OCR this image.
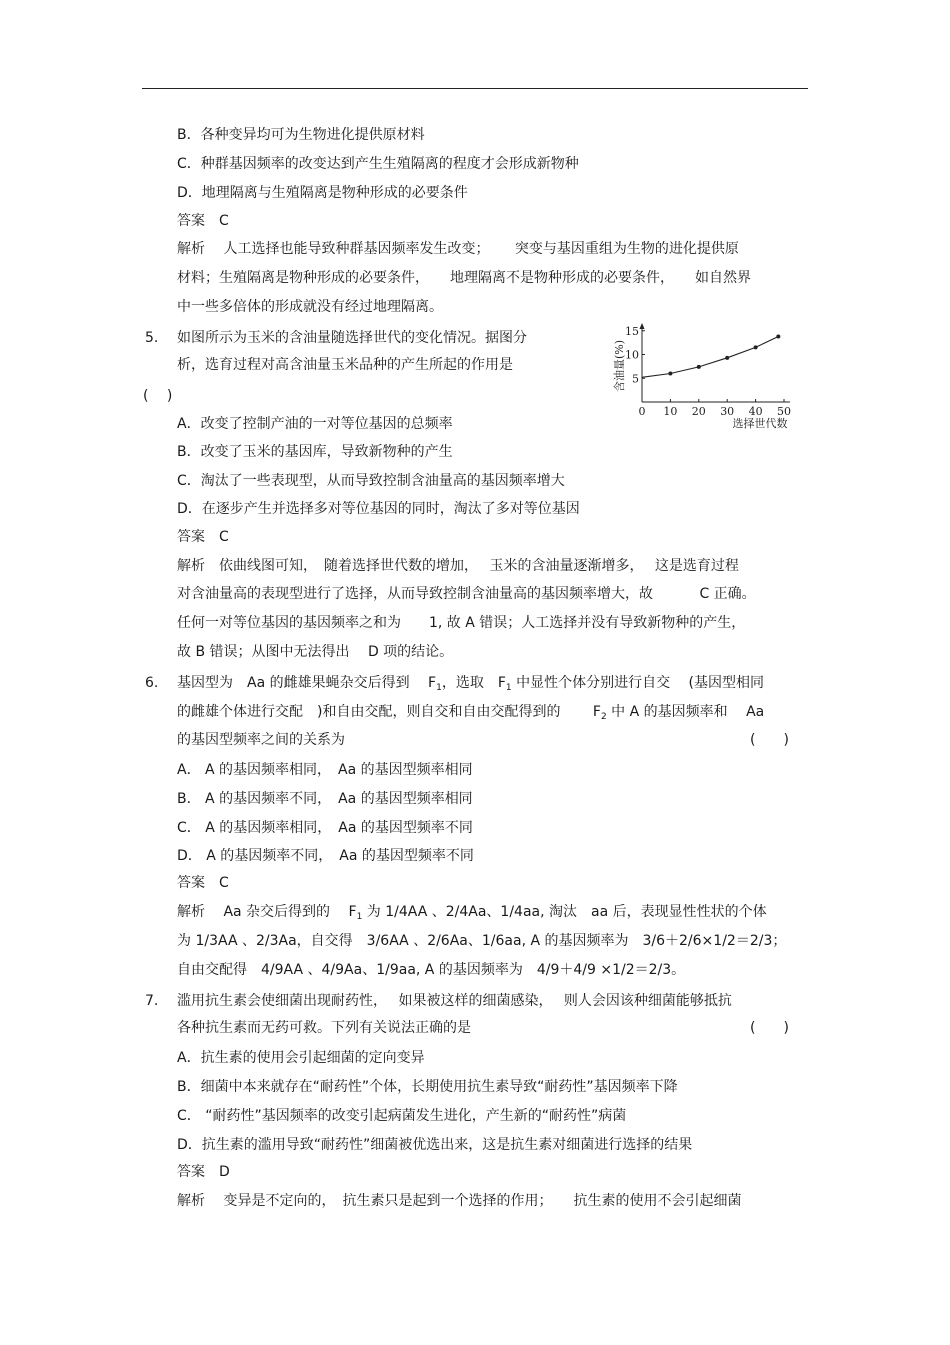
B．各种变异均可为生物进化提供原材料
C．种群基因频率的改变达到产生生殖隔离的程度才会形成新物种
D．地理隔离与生殖隔离是物种形成的必要条件
答案　C
解析　 人工选择也能导致种群基因频率发生改变；　　 突变与基因重组为生物的进化提供原
材料；生殖隔离是物种形成的必要条件，　　地理隔离不是物种形成的必要条件，　　如自然界
中一些多倍体的形成就没有经过地理隔离。
5. 如图所示为玉米的含油量随选择世代的变化情况。据图分
析，选育过程对高含油量玉米品种的产生所起的作用是
(　 )
A．改变了控制产油的一对等位基因的总频率
B．改变了玉米的基因库，导致新物种的产生
C．淘汰了一些表现型，从而导致控制含油量高的基因频率增大
D．在逐步产生并选择多对等位基因的同时，淘汰了多对等位基因
答案　C
解析　依曲线图可知，　随着选择世代数的增加，　 玉米的含油量逐渐增多，　 这是选育过程
对含油量高的表现型进行了选择，从而导致控制含油量高的基因频率增大，故　　　 C 正确。
任何一对等位基因的基因频率之和为　　1, 故 A 错误；人工选择并没有导致新物种的产生，
故 B 错误；从图中无法得出　 D 项的结论。
含油量(%)
选择世代数
0 10 20 30 40 50
5
10
15
6. 基因型为　Aa 的雌雄果蝇杂交后得到　 $F_1$，选取　$F_1$ 中显性个体分别进行自交　 (基因型相同
的雌雄个体进行交配　)和自由交配，则自交和自由交配得到的　　 $F_2$ 中 A 的基因频率和　 Aa
的基因型频率之间的关系为	(　　)
A． A 的基因频率相同，　Aa 的基因型频率相同
B． A 的基因频率不同，　Aa 的基因型频率相同
C． A 的基因频率相同，　Aa 的基因型频率不同
D． A 的基因频率不同，　Aa 的基因型频率不同
答案　C
解析　 Aa 杂交后得到的　 $F_1$ 为 1/4AA 、2/4Aa、1/4aa, 淘汰　aa 后，表现显性性状的个体
为 1/3AA 、2/3Aa，自交得　3/6AA 、2/6Aa、1/6aa, A 的基因频率为　3/6＋2/6×1/2＝2/3；
自由交配得　4/9AA 、4/9Aa、1/9aa, A 的基因频率为　4/9＋4/9 ×1/2＝2/3。
7. 滥用抗生素会使细菌出现耐药性，　 如果被这样的细菌感染，　 则人会因该种细菌能够抵抗
各种抗生素而无药可救。下列有关说法正确的是	(　　)
A．抗生素的使用会引起细菌的定向变异
B．细菌中本来就存在“耐药性”个体，长期使用抗生素导致“耐药性”基因频率下降
C． “耐药性”基因频率的改变引起病菌发生进化，产生新的“耐药性”病菌
D．抗生素的滥用导致“耐药性”细菌被优选出来，这是抗生素对细菌进行选择的结果
答案　D
解析　 变异是不定向的，　抗生素只是起到一个选择的作用；　　抗生素的使用不会引起细菌
